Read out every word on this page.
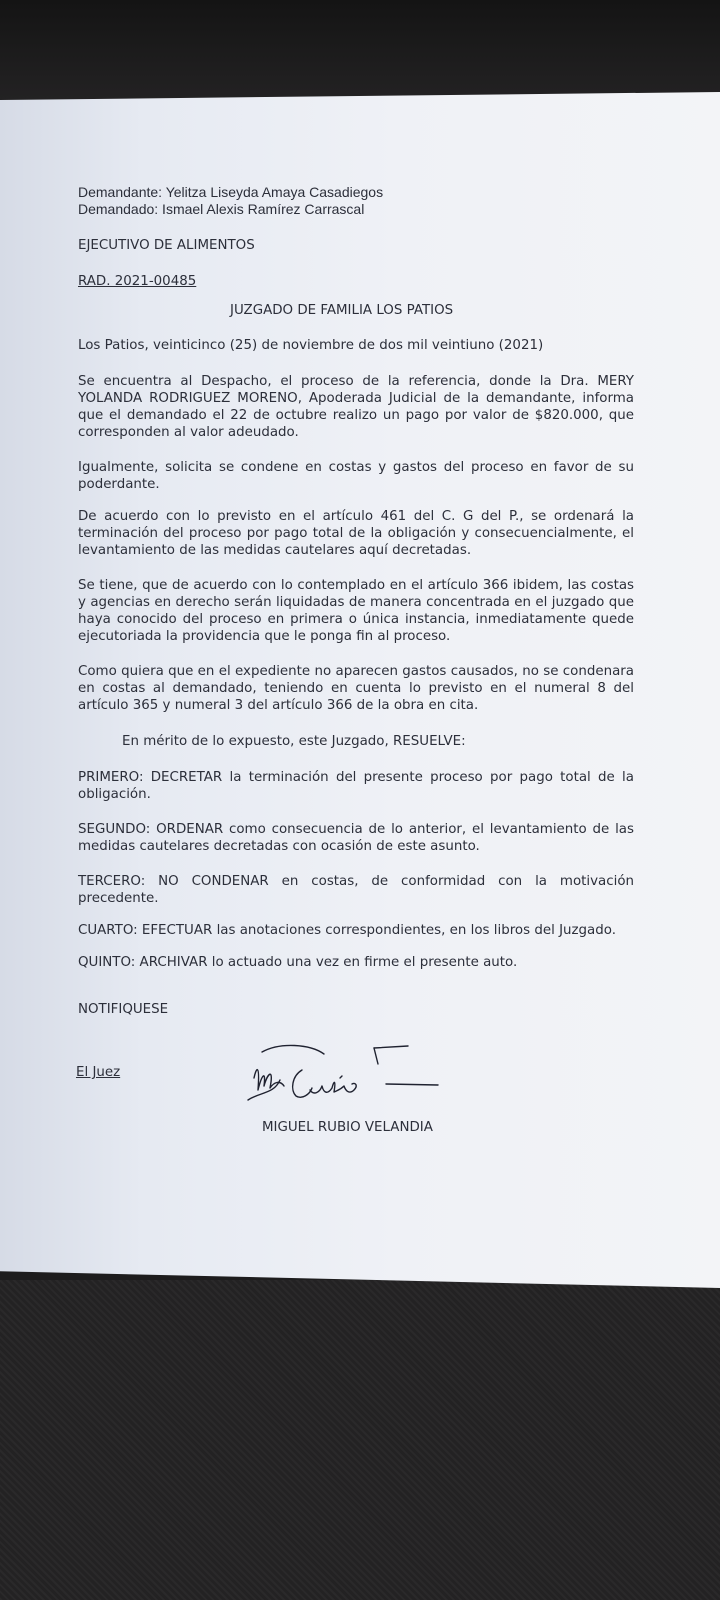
Demandante: Yelitza Liseyda Amaya Casadiegos

Demandado: Ismael Alexis Ramírez Carrascal

EJECUTIVO DE ALIMENTOS

RAD. 2021-00485

JUZGADO DE FAMILIA LOS PATIOS

Los Patios, veinticinco (25) de noviembre de dos mil veintiuno (2021)

Se encuentra al Despacho, el proceso de la referencia, donde la Dra. MERY YOLANDA RODRIGUEZ MORENO, Apoderada Judicial de la demandante, informa que el demandado el 22 de octubre realizo un pago por valor de $820.000, que corresponden al valor adeudado.

Igualmente, solicita se condene en costas y gastos del proceso en favor de su poderdante.

De acuerdo con lo previsto en el artículo 461 del C. G del P., se ordenará la terminación del proceso por pago total de la obligación y consecuencialmente, el levantamiento de las medidas cautelares aquí decretadas.

Se tiene, que de acuerdo con lo contemplado en el artículo 366 ibidem, las costas y agencias en derecho serán liquidadas de manera concentrada en el juzgado que haya conocido del proceso en primera o única instancia, inmediatamente quede ejecutoriada la providencia que le ponga fin al proceso.

Como quiera que en el expediente no aparecen gastos causados, no se condenara en costas al demandado, teniendo en cuenta lo previsto en el numeral 8 del artículo 365 y numeral 3 del artículo 366 de la obra en cita.

En mérito de lo expuesto, este Juzgado, RESUELVE:

PRIMERO: DECRETAR la terminación del presente proceso por pago total de la obligación.

SEGUNDO: ORDENAR como consecuencia de lo anterior, el levantamiento de las medidas cautelares decretadas con ocasión de este asunto.

TERCERO: NO CONDENAR en costas, de conformidad con la motivación precedente.

CUARTO: EFECTUAR las anotaciones correspondientes, en los libros del Juzgado.

QUINTO: ARCHIVAR lo actuado una vez en firme el presente auto.

NOTIFIQUESE

El Juez
MIGUEL RUBIO VELANDIA
